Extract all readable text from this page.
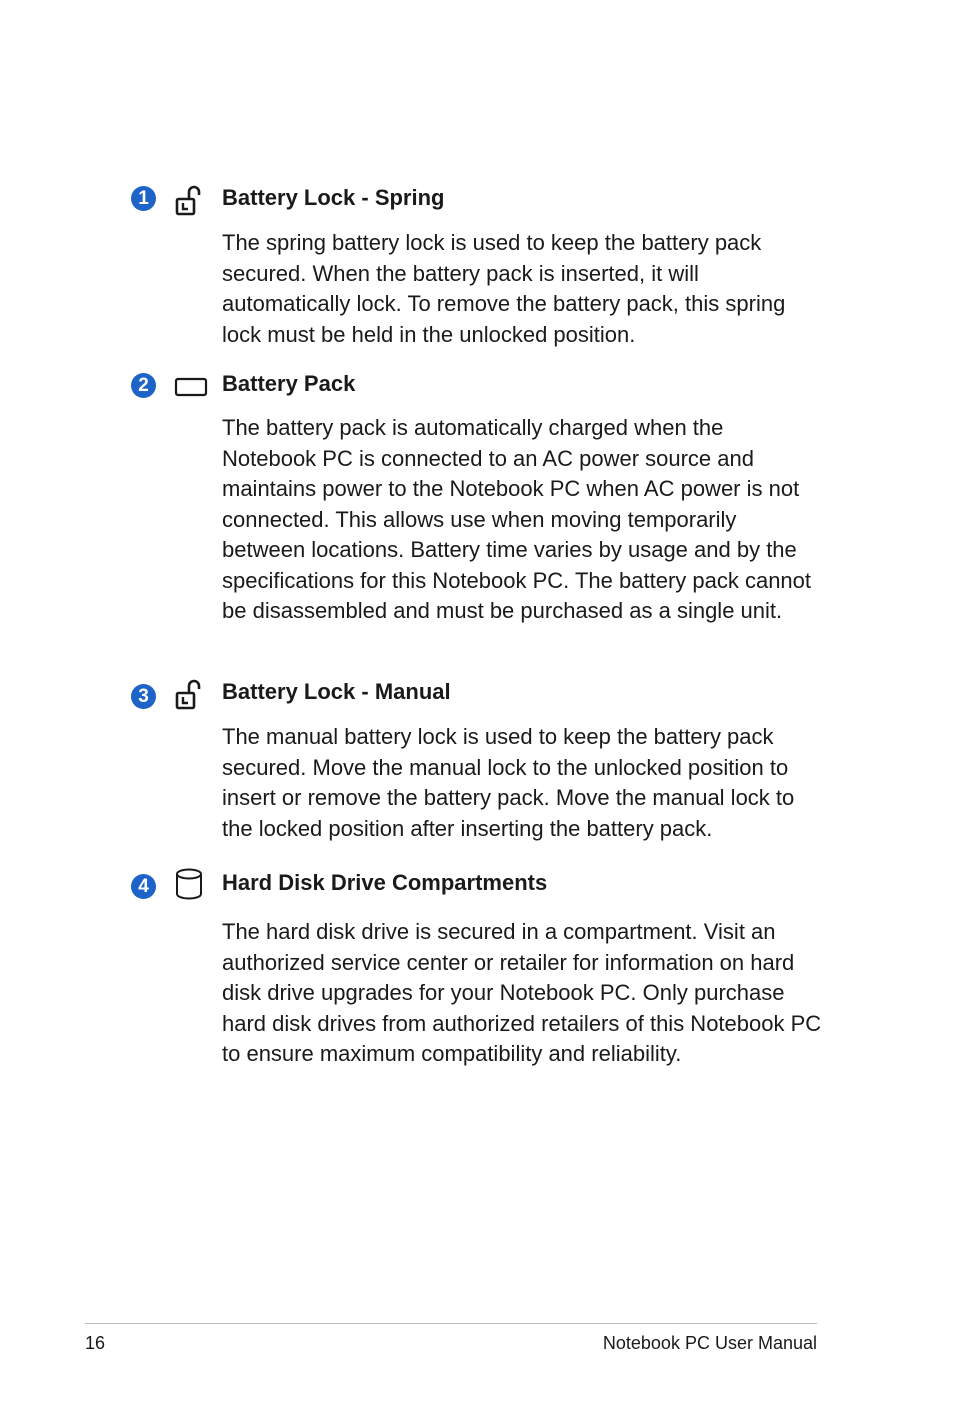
1	Battery Lock - Spring
The spring battery lock is used to keep the battery pack secured. When the battery pack is inserted, it will automatically lock. To remove the battery pack, this spring lock must be held in the unlocked position.
2	Battery Pack
The battery pack is automatically charged when the Notebook PC is connected to an AC power source and maintains power to the Notebook PC when AC power is not connected. This allows use when moving temporarily between locations. Battery time varies by usage and by the specifications for this Notebook PC. The battery pack cannot be disassembled and must be purchased as a single unit.
3	Battery Lock - Manual
The manual battery lock is used to keep the battery pack secured. Move the manual lock to the unlocked position to insert or remove the battery pack. Move the manual lock to the locked position after inserting the battery pack.
4	Hard Disk Drive Compartments
The hard disk drive is secured in a compartment. Visit an authorized service center or retailer for information on hard disk drive upgrades for your Notebook PC. Only purchase hard disk drives from authorized retailers of this Notebook PC to ensure maximum compatibility and reliability.
16	Notebook PC User Manual
